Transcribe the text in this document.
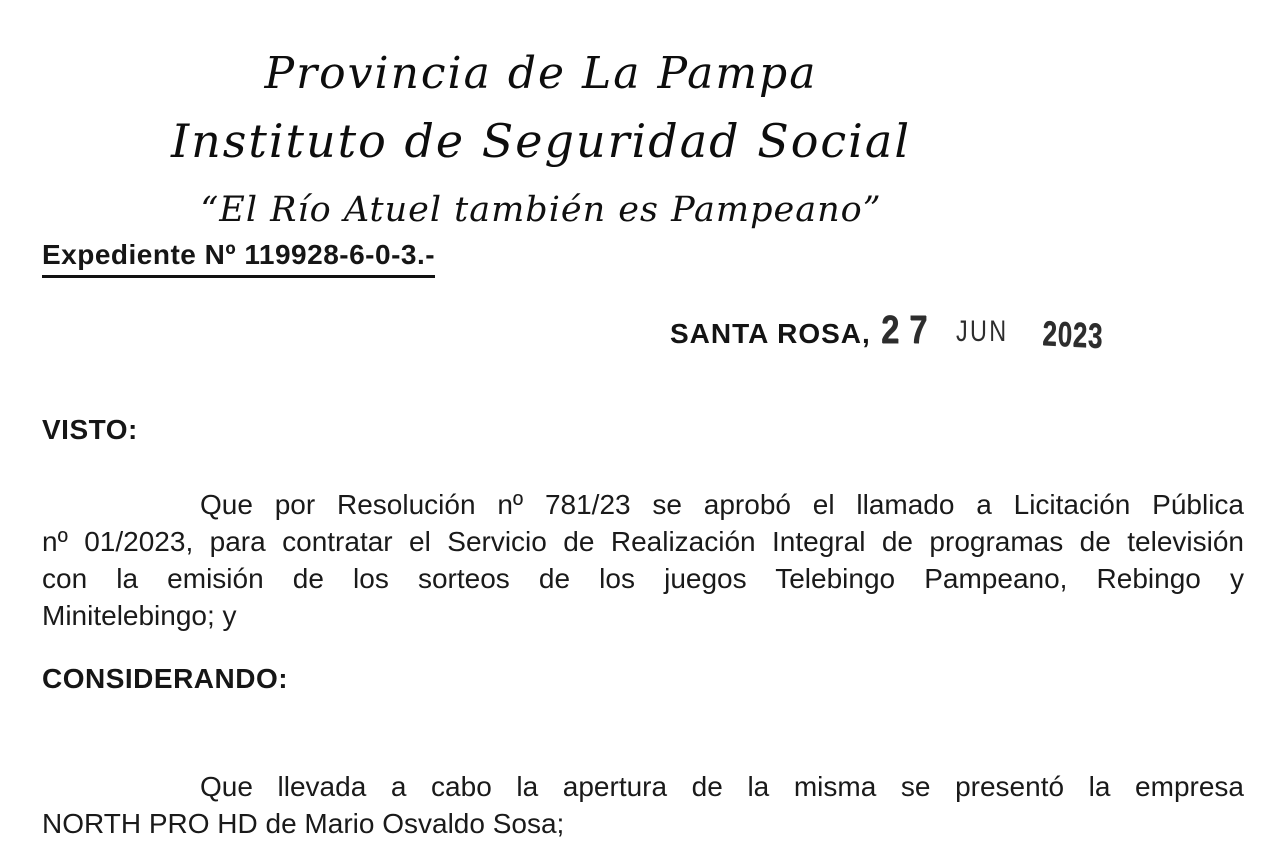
Provincia de La Pampa
Instituto de Seguridad Social
“El Río Atuel también es Pampeano”
Expediente Nº 119928-6-0-3.-
SANTA ROSA, 27 JUN 2023
VISTO:
Que por Resolución nº 781/23 se aprobó el llamado a Licitación Pública
nº 01/2023, para contratar el Servicio de Realización Integral de programas de televisión
con la emisión de los sorteos de los juegos Telebingo Pampeano, Rebingo y
Minitelebingo; y
CONSIDERANDO:
Que llevada a cabo la apertura de la misma se presentó la empresa
NORTH PRO HD de Mario Osvaldo Sosa;
